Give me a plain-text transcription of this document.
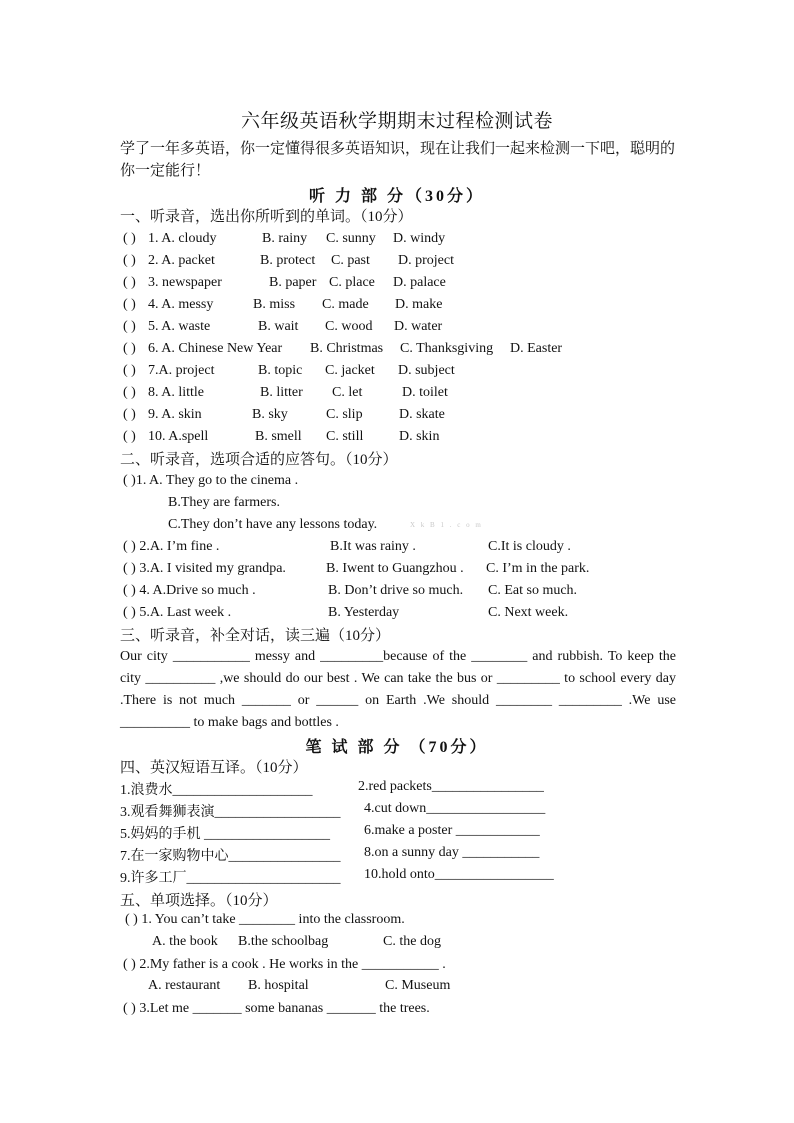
六年级英语秋学期期末过程检测试卷
学了一年多英语，你一定懂得很多英语知识，现在让我们一起来检测一下吧，聪明的你一定能行！
听 力 部 分（30分）
一、听录音，选出你所听到的单词。（10分）
( ) 1. A. cloudy	B. rainy C. sunny D. windy
( ) 2. A. packet	B. protect C. past D. project
( ) 3. newspaper	B. paper C. place D. palace
( ) 4. A. messy	B. miss C. made D. make
( ) 5. A. waste	B. wait C. wood D. water
( ) 6. A. Chinese New Year B. Christmas C. Thanksgiving D. Easter
( ) 7.A. project	B. topic C. jacket D. subject
( ) 8. A. little	B. litter C. let	D. toilet
( ) 9. A. skin	B. sky	C. slip	D. skate
( ) 10. A.spell	B. smell C. still	D. skin
二、听录音，选项合适的应答句。（10分）
( )1. A. They go to the cinema .
B.They are farmers.
C.They don’t have any lessons today.	X k B 1 . c o m
( ) 2.A. I’m fine .	B.It was rainy .	C.It is cloudy .
( ) 3.A. I visited my grandpa.	B. Iwent to Guangzhou . C. I’m in the park.
( ) 4. A.Drive so much .	B. Don’t drive so much. C. Eat so much.
( ) 5.A. Last week .	B. Yesterday	C. Next week.
三、听录音，补全对话，读三遍（10分）
Our city ___________ messy and _________because of the ________ and rubbish. To keep the city __________ ,we should do our best . We can take the bus or _________ to school every day .There is not much _______ or ______ on Earth .We should ________ _________ .We use __________ to make bags and bottles .
笔 试 部 分 （70分）
四、英汉短语互译。（10分）
1.浪费水____________________	2.red packets________________
3.观看舞狮表演__________________ 4.cut down_________________
5.妈妈的手机 __________________ 6.make a poster ____________
7.在一家购物中心________________ 8.on a sunny day ___________
9.许多工厂______________________ 10.hold onto_________________
五、单项选择。（10分）
( ) 1. You can’t take ________ into the classroom.
A. the book B.the schoolbag	C. the dog
( ) 2.My father is a cook . He works in the ___________ .
A. restaurant B. hospital	C. Museum
( ) 3.Let me _______ some bananas _______ the trees.
